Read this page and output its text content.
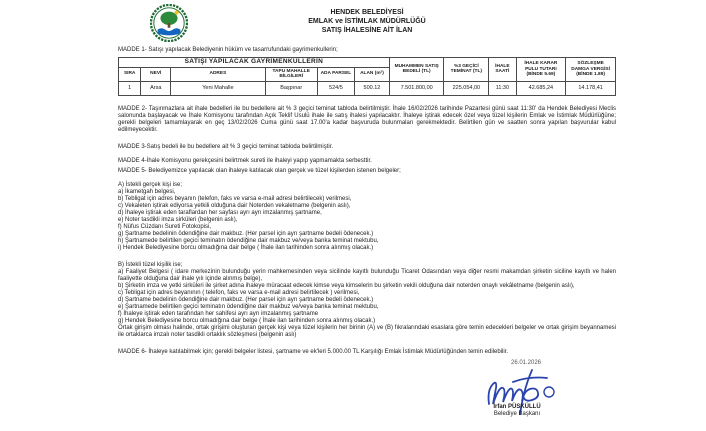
HENDEK BELEDİYESİ
EMLAK ve İSTİMLAK MÜDÜRLÜĞÜ
SATIŞ İHALESİNE AİT İLAN
MADDE 1- Satışı yapılacak Belediyenin hüküm ve tasarrufundaki gayrimenkullerin;
SATIŞI YAPILACAK GAYRİMENKULLERİN						MUHAMMEN SATIŞ BEDELİ (TL)	%3 GEÇİCİ TEMİNAT (TL)	İHALE SAATİ	İHALE KARAR PULU TUTARI (BİNDE 5.69)	SÖZLEŞME DAMGA VERGİSİ (BİNDE 1.89)
SIRA	NEVİ	ADRES	TAPU MAHALLE BİLGİLERİ	ADA PARSEL	ALAN (m²)					
1	Arsa	Yeni Mahalle	Başpınar	524/5	500.12	7.501.800,00	225.054,00	11:30	42.685,24	14.178,41
MADDE 2- Taşınmazlara ait ihale bedelleri ile bu bedellere ait % 3 geçici teminat tabloda belirtilmiştir. İhale 16/02/2026 tarihinde Pazartesi günü saat 11:30' da Hendek Belediyesi Meclis salonunda başlayacak ve İhale Komisyonu tarafından Açık Teklif Usulü ihale ile satış ihalesi yapılacaktır. İhaleye iştirak edecek özel veya tüzel kişilerin Emlak ve İstimlak Müdürlüğüne; gerekli belgeleri tamamlayarak en geç 13/02/2026 Cuma günü saat 17.00'a kadar başvuruda bulunmaları gerekmektedir. Belirtilen gün ve saatten sonra yapılan başvurular kabul edilmeyecektir.
MADDE 3-Satış bedeli ile bu bedellere ait % 3 geçici teminat tabloda belirtilmiştir.
MADDE 4-İhale Komisyonu gerekçesini belirtmek sureti ile ihaleyi yapıp yapmamakta serbesttir.
MADDE 5- Belediyemizce yapılacak olan ihaleye katılacak olan gerçek ve tüzel kişilerden istenen belgeler;
A) İstekli gerçek kişi ise;
a) İkametgah belgesi,
b) Tebligat için adres beyanın (telefon, faks ve varsa e-mail adresi belirtilecek) verilmesi,
c) Vekaleten iştirak ediyorsa yetkili olduğuna dair Noterden vekaletname (belgenin aslı),
d) İhaleye iştirak eden taraflardan her sayfası ayrı ayrı imzalanmış şartname,
e) Noter tasdikli imza sirküleri (belgenin aslı),
f) Nüfus Cüzdanı Sureti Fotokopisi,
g) Şartname bedelinin ödendiğine dair makbuz. (Her parsel için ayrı şartname bedeli ödenecek.)
h) Şartnamede belirtilen geçici teminatın ödendiğine dair makbuz ve/veya banka teminat mektubu,
i) Hendek Belediyesine borcu olmadığına dair belge ( İhale ilan tarihinden sonra alınmış olacak.)
B) İstekli tüzel kişilik ise;
a) Faaliyet Belgesi ( idare merkezinin bulunduğu yerin mahkemesinden veya sicilinde kayıtlı bulunduğu Ticaret Odasından veya diğer resmi makamdan şirketin siciline kayıtlı ve halen faaliyette olduğuna dair ihale yılı içinde alınmış belge),
b) Şirketin imza ve yetki sirküleri ile şirket adına ihaleye müracaat edecek kimse veya kimselerin bu şirketin vekili olduğuna dair noterden onaylı vekâletname (belgenin aslı),
c) Tebligat için adres beyanının ( telefon, faks ve varsa e-mail adresi belirtilecek ) verilmesi,
d) Şartname bedelinin ödendiğine dair makbuz. (Her parsel için ayrı şartname bedeli ödenecek.)
e) Şartnamede belirtilen geçici teminatın ödendiğine dair makbuz ve/veya banka teminat mektubu,
f) İhaleye iştirak eden tarafından her sahifesi ayrı ayrı imzalanmış şartname
g) Hendek Belediyesine borcu olmadığına dair belge ( İhale ilan tarihinden sonra alınmış olacak.)
Ortak girişim olması halinde, ortak girişimi oluşturan gerçek kişi veya tüzel kişilerin her birinin (A) ve (B) fıkralarındaki esaslara göre temin edecekleri belgeler ve ortak girişim beyannamesi ile ortaklarca imzalı noter tasdikli ortaklık sözleşmesi (belgenin aslı)
MADDE 6- İhaleye katılabilmek için; gerekli belgeler listesi, şartname ve ek'leri 5.000.00 TL Karşılığı Emlak İstimlak Müdürlüğünden temin edilebilir.
26.01.2026
İrfan PÜSKÜLLÜ
Belediye Başkanı
